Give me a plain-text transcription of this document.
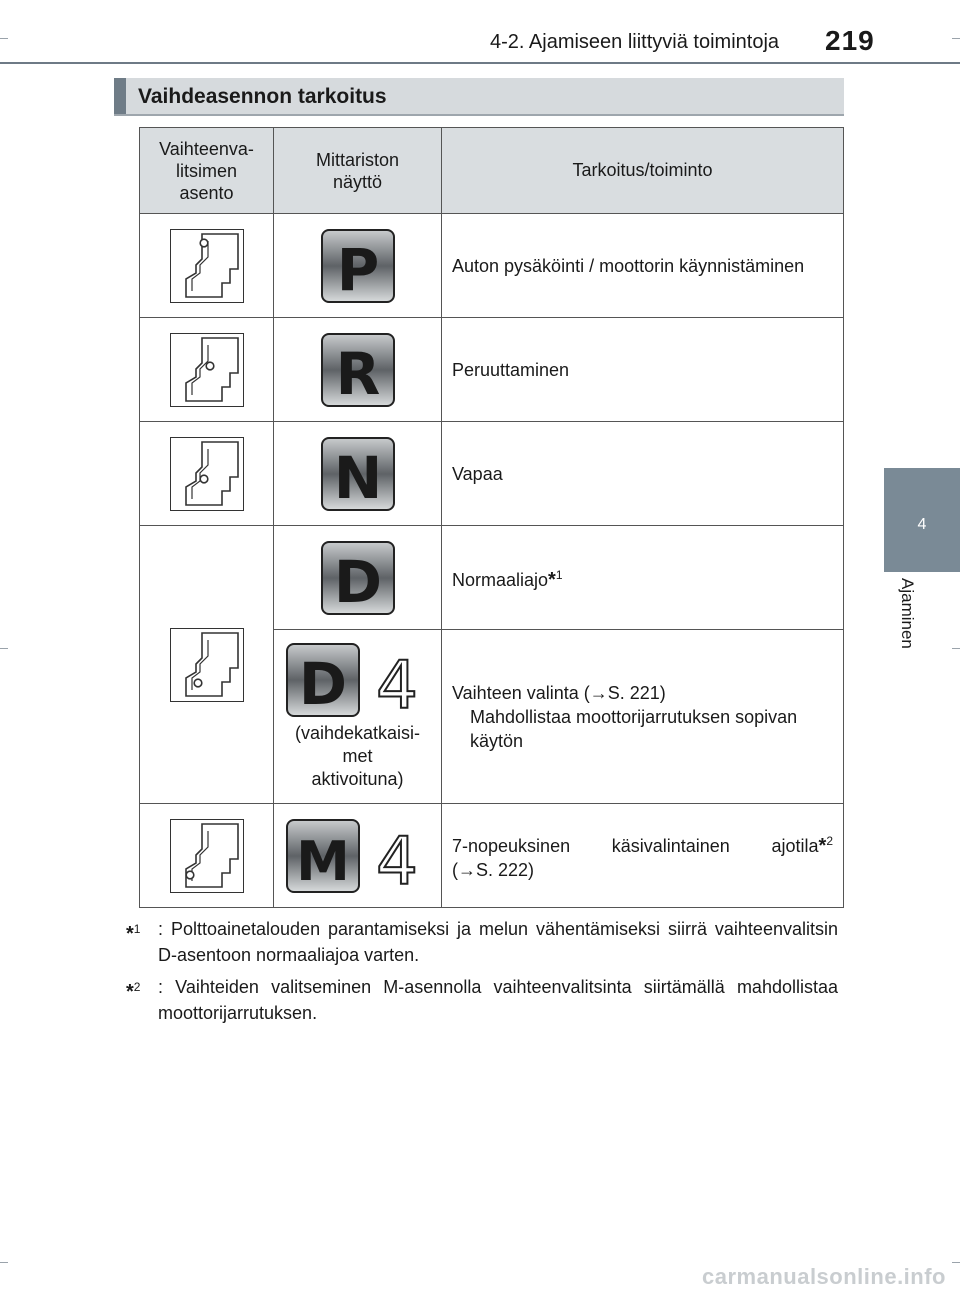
4-2. Ajamiseen liittyviä toimintoja 219
4
Ajaminen
Vaihdeasennon tarkoitus
Vaihteenva-
litsimen
asento	Mittariston
näyttö	Tarkoitus/toiminto

P	Auton pysäköinti / moottorin käynnistäminen

R	Peruuttaminen

N	Vapaa

D	Normaaliajo*$^1$

D 4
(vaihdekatkaisi-
met
aktivoituna)	Vaihteen valinta (→S. 221)
Mahdollistaa moottorijarrutuksen sopivan käytön

M 4	7-nopeuksinen käsivalintainen ajotila*$^2$
(→S. 222)
*$^1$ : Polttoainetalouden parantamiseksi ja melun vähentämiseksi siirrä vaihteenvalitsin D-asentoon normaaliajoa varten.
*$^2$ : Vaihteiden valitseminen M-asennolla vaihteenvalitsinta siirtämällä mahdollistaa moottorijarrutuksen.
carmanualsonline.info
